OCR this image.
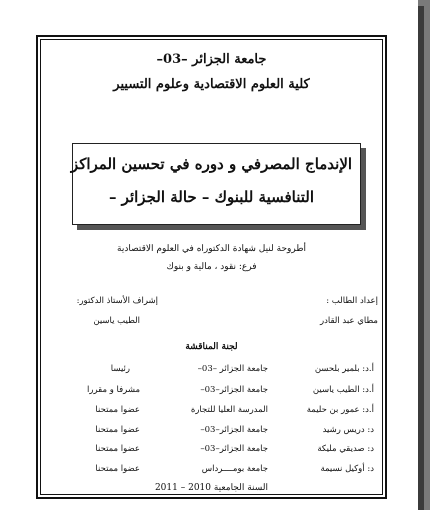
جامعة الجزائر –03–
كلية العلوم الاقتصادية وعلوم التسيير
الإندماج المصرفي و دوره في تحسين المراكز
التنافسية للبنوك – حالة الجزائر –
أطروحة لنيل شهادة الدكتوراه في العلوم الاقتصادية
فرع: نقود ، مالية و بنوك
إعداد الطالب :
مطاي عبد القادر
إشراف الأستاذ الدكتور:
الطيب ياسين
لجنة المناقشة
أ.د: بلمير بلحسن
جامعة الجزائر –03–
رئيسا
أ.د: الطيب ياسين
جامعة الجزائر–03–
مشرفا و مقررا
أ.د: عمور بن حليمة
المدرسة العليا للتجارة
عضوا ممتحنا
د: دريس رشيد
جامعة الجزائر–03–
عضوا ممتحنا
د: صديقي مليكة
جامعة الجزائر–03–
عضوا ممتحنا
د: أوكيل نسيمة
جامعة بومــــرداس
عضوا ممتحنا
السنة الجامعية 2010 – 2011
